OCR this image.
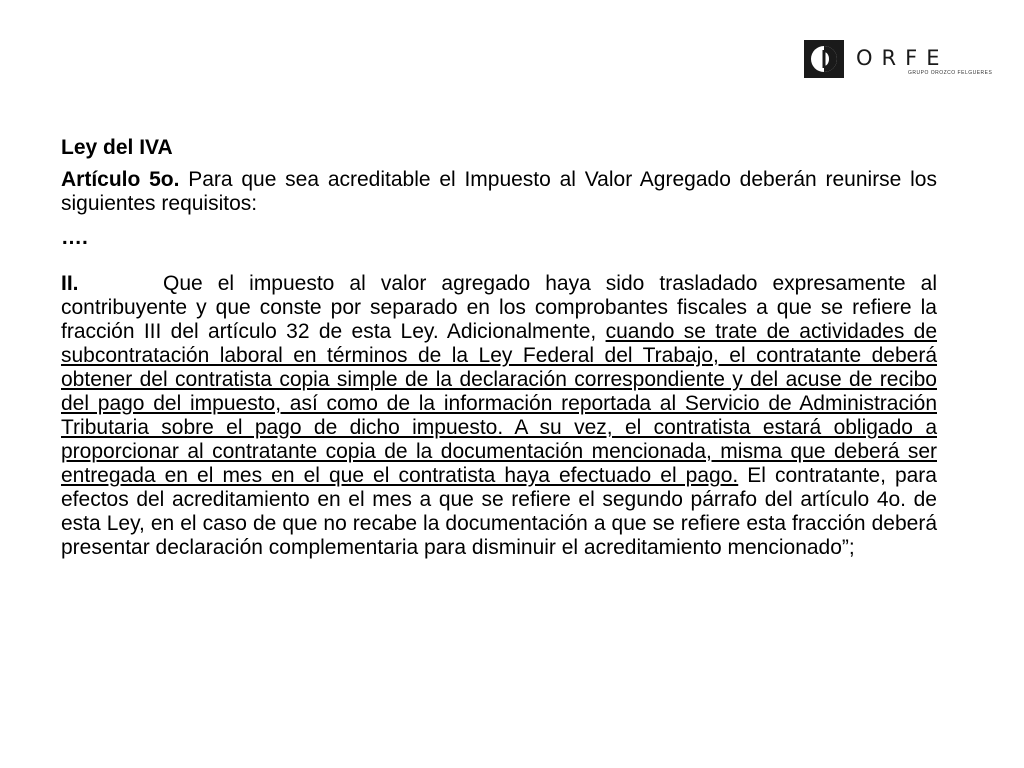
ORFE
GRUPO OROZCO FELGUERES

Ley del IVA

Artículo 5o. Para que sea acreditable el Impuesto al Valor Agregado deberán reunirse los siguientes requisitos:

….

II.	Que el impuesto al valor agregado haya sido trasladado expresamente al contribuyente y que conste por separado en los comprobantes fiscales a que se refiere la fracción III del artículo 32 de esta Ley. Adicionalmente, cuando se trate de actividades de subcontratación laboral en términos de la Ley Federal del Trabajo, el contratante deberá obtener del contratista copia simple de la declaración correspondiente y del acuse de recibo del pago del impuesto, así como de la información reportada al Servicio de Administración Tributaria sobre el pago de dicho impuesto. A su vez, el contratista estará obligado a proporcionar al contratante copia de la documentación mencionada, misma que deberá ser entregada en el mes en el que el contratista haya efectuado el pago. El contratante, para efectos del acreditamiento en el mes a que se refiere el segundo párrafo del artículo 4o. de esta Ley, en el caso de que no recabe la documentación a que se refiere esta fracción deberá presentar declaración complementaria para disminuir el acreditamiento mencionado”;
